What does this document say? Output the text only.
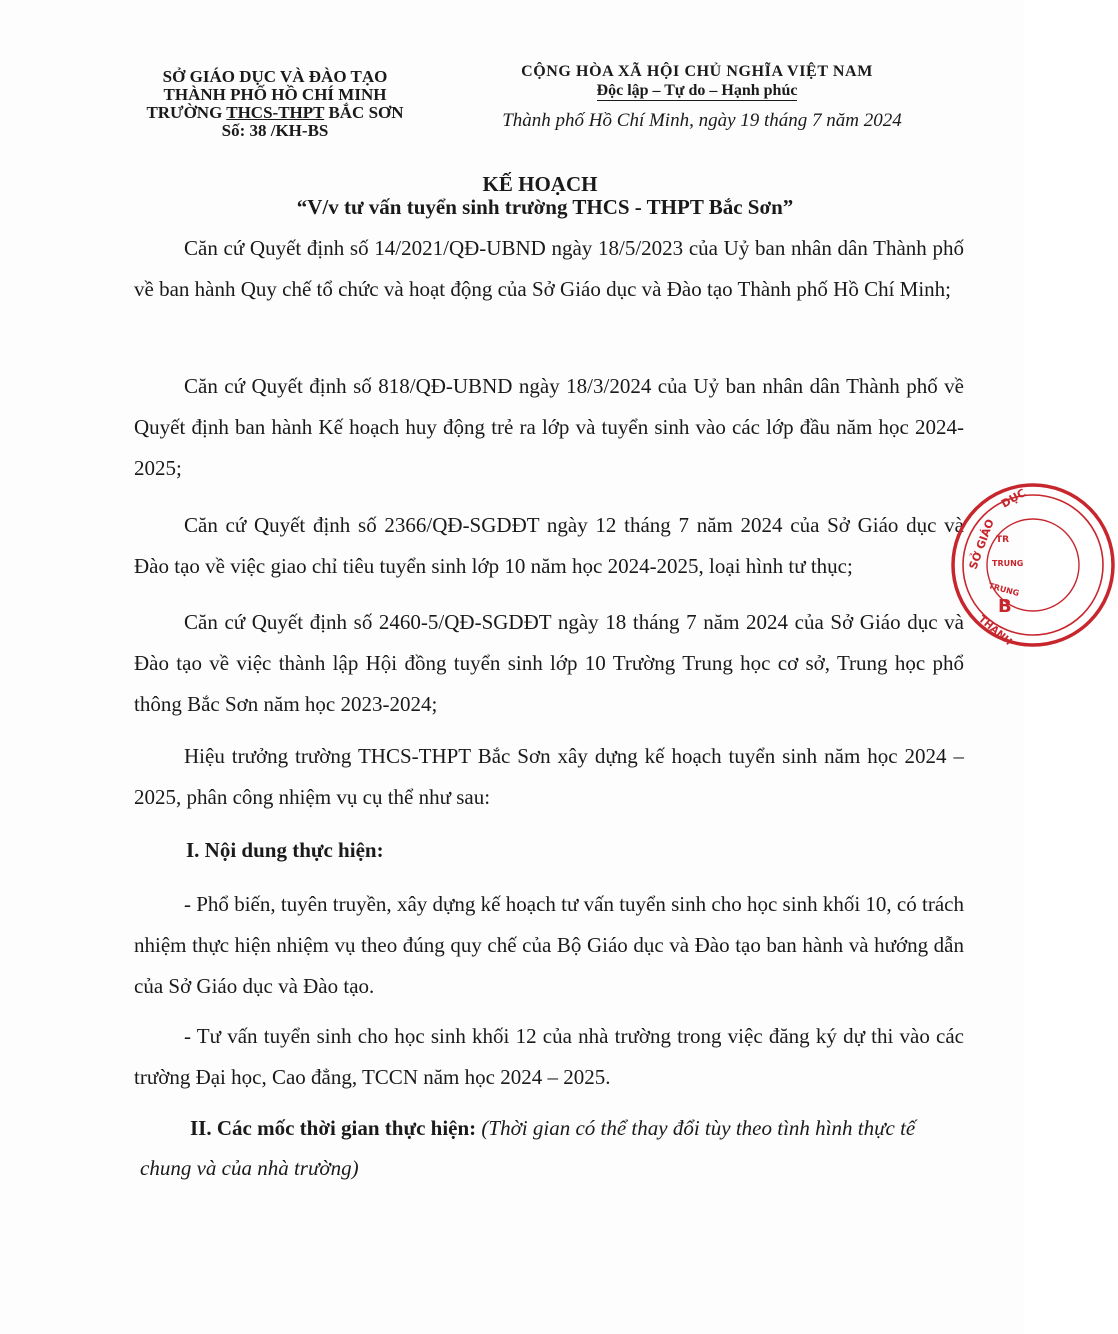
SỞ GIÁO DỤC VÀ ĐÀO TẠO
THÀNH PHỐ HỒ CHÍ MINH
TRƯỜNG THCS-THPT BẮC SƠN
Số: 38 /KH-BS
CỘNG HÒA XÃ HỘI CHỦ NGHĨA VIỆT NAM
Độc lập – Tự do – Hạnh phúc
Thành phố Hồ Chí Minh, ngày 19 tháng 7 năm 2024
KẾ HOẠCH
“V/v tư vấn tuyển sinh trường THCS - THPT Bắc Sơn”
Căn cứ Quyết định số 14/2021/QĐ-UBND ngày 18/5/2023 của Uỷ ban nhân dân Thành phố về ban hành Quy chế tổ chức và hoạt động của Sở Giáo dục và Đào tạo Thành phố Hồ Chí Minh;
Căn cứ Quyết định số 818/QĐ-UBND ngày 18/3/2024 của Uỷ ban nhân dân Thành phố về Quyết định ban hành Kế hoạch huy động trẻ ra lớp và tuyển sinh vào các lớp đầu năm học 2024-2025;
Căn cứ Quyết định số 2366/QĐ-SGDĐT ngày 12 tháng 7 năm 2024 của Sở Giáo dục và Đào tạo về việc giao chỉ tiêu tuyển sinh lớp 10 năm học 2024-2025, loại hình tư thục;
Căn cứ Quyết định số 2460-5/QĐ-SGDĐT ngày 18 tháng 7 năm 2024 của Sở Giáo dục và Đào tạo về việc thành lập Hội đồng tuyển sinh lớp 10 Trường Trung học cơ sở, Trung học phổ thông Bắc Sơn năm học 2023-2024;
Hiệu trưởng trường THCS-THPT Bắc Sơn xây dựng kế hoạch tuyển sinh năm học 2024 – 2025, phân công nhiệm vụ cụ thể như sau:
I. Nội dung thực hiện:
- Phổ biến, tuyên truyền, xây dựng kế hoạch tư vấn tuyển sinh cho học sinh khối 10, có trách nhiệm thực hiện nhiệm vụ theo đúng quy chế của Bộ Giáo dục và Đào tạo ban hành và hướng dẫn của Sở Giáo dục và Đào tạo.
- Tư vấn tuyển sinh cho học sinh khối 12 của nhà trường trong việc đăng ký dự thi vào các trường Đại học, Cao đẳng, TCCN năm học 2024 – 2025.
II. Các mốc thời gian thực hiện: (Thời gian có thể thay đổi tùy theo tình hình thực tế chung và của nhà trường)
SỞ GIÁO
DỤC
TR
TRUNG
TRUNG
B
THÀNH
